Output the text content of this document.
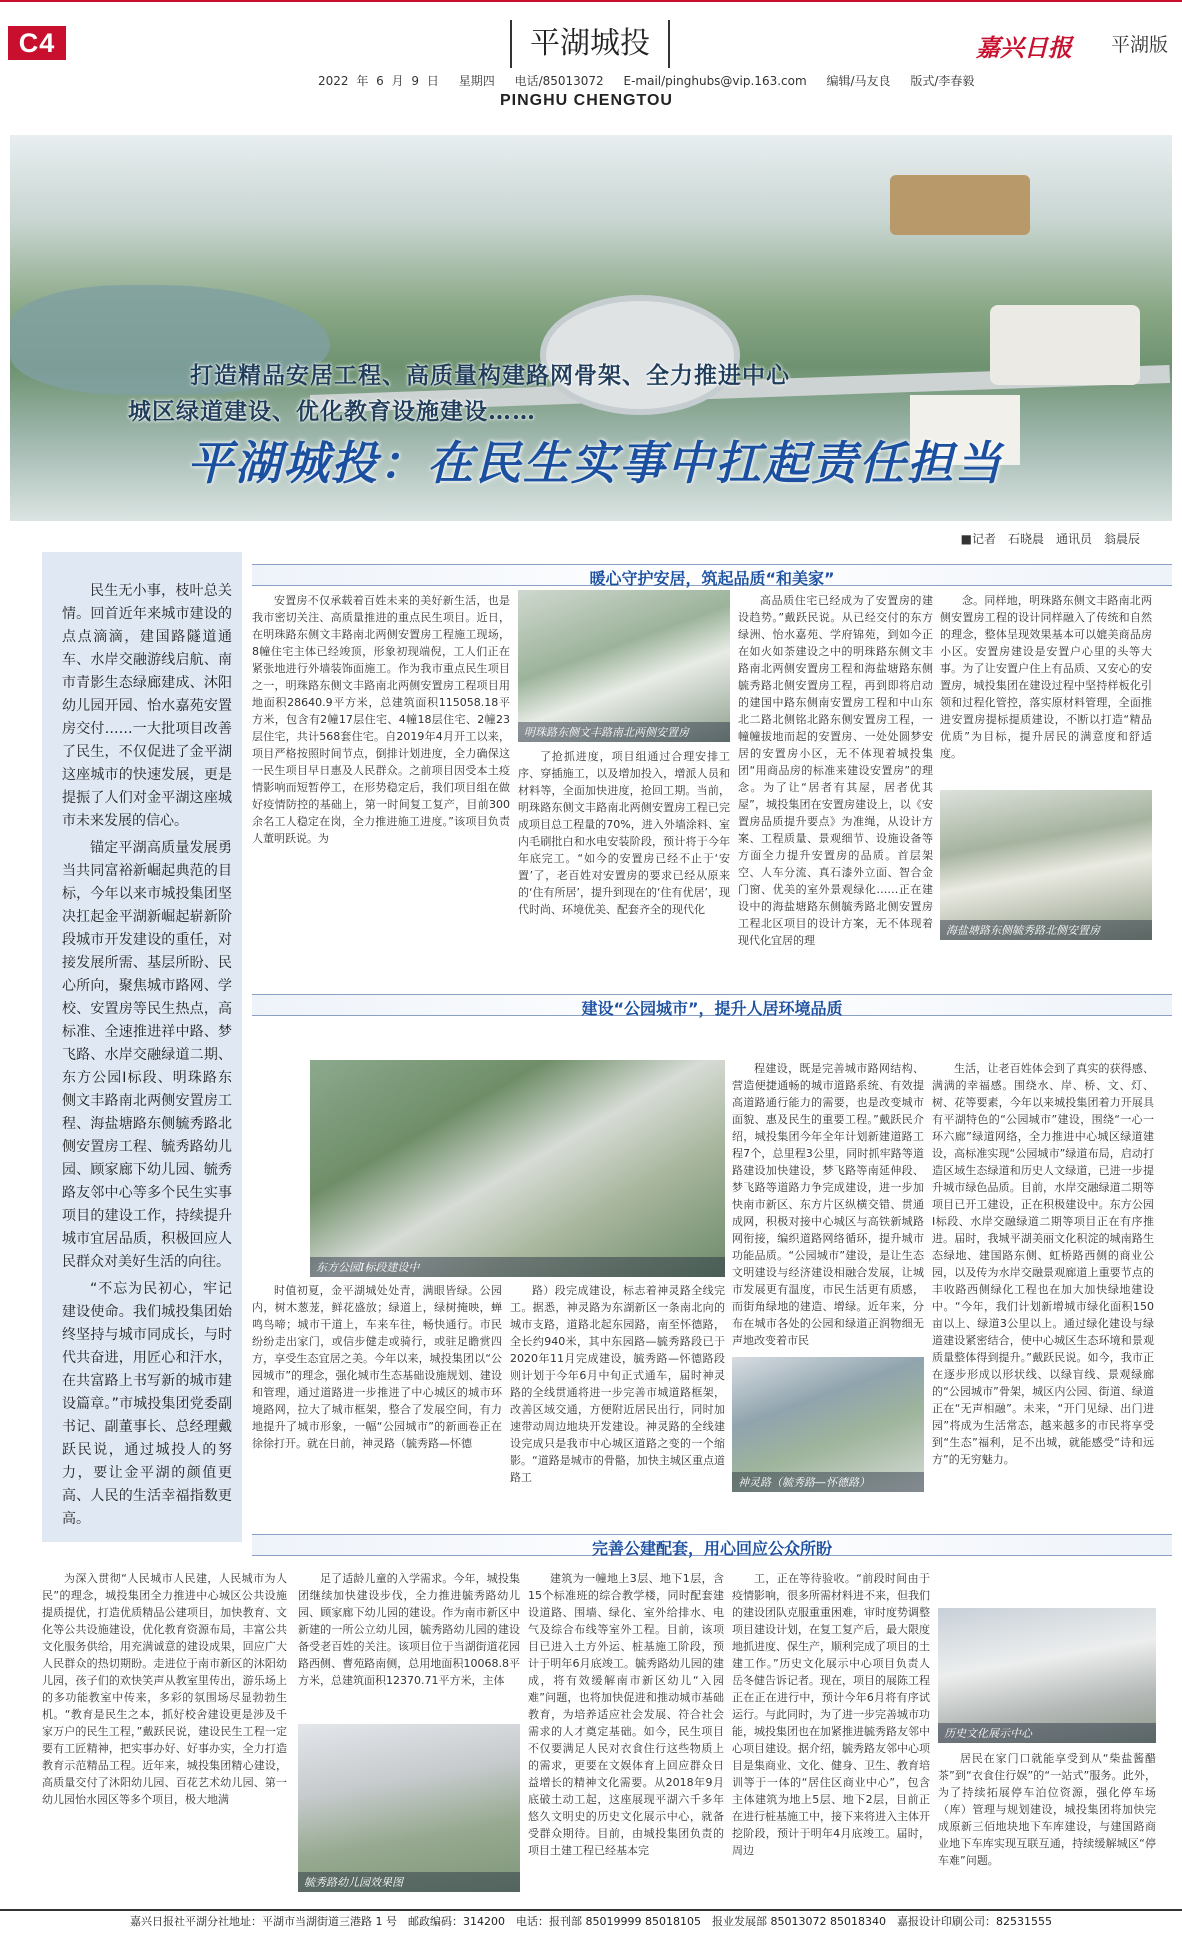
C4	平湖城投	嘉兴日报 平湖版
2022 年 6 月 9 日 星期四 电话/85013072 E-mail/pinghubs@vip.163.com 编辑/马友良 版式/李春毅
PINGHU CHENGTOU
打造精品安居工程、高质量构建路网骨架、全力推进中心
城区绿道建设、优化教育设施建设……
平湖城投：在民生实事中扛起责任担当
■记者　石晓晨　通讯员　翁晨辰

民生无小事，枝叶总关情。回首近年来城市建设的点点滴滴，建国路隧道通车、水岸交融游线启航、南市青影生态绿廊建成、沐阳幼儿园开园、怡水嘉苑安置房交付……一大批项目改善了民生，不仅促进了金平湖这座城市的快速发展，更是提振了人们对金平湖这座城市未来发展的信心。

锚定平湖高质量发展勇当共同富裕新崛起典范的目标，今年以来市城投集团坚决扛起金平湖新崛起崭新阶段城市开发建设的重任，对接发展所需、基层所盼、民心所向，聚焦城市路网、学校、安置房等民生热点，高标准、全速推进祥中路、梦飞路、水岸交融绿道二期、东方公园Ⅰ标段、明珠路东侧文丰路南北两侧安置房工程、海盐塘路东侧毓秀路北侧安置房工程、毓秀路幼儿园、顾家廊下幼儿园、毓秀路友邻中心等多个民生实事项目的建设工作，持续提升城市宜居品质，积极回应人民群众对美好生活的向往。

“不忘为民初心，牢记建设使命。我们城投集团始终坚持与城市同成长，与时代共奋进，用匠心和汗水，在共富路上书写新的城市建设篇章。”市城投集团党委副书记、副董事长、总经理戴跃民说，通过城投人的努力，要让金平湖的颜值更高、人民的生活幸福指数更高。

暖心守护安居，筑起品质“和美家”

安置房不仅承载着百姓未来的美好新生活，也是我市密切关注、高质量推进的重点民生项目。近日，在明珠路东侧文丰路南北两侧安置房工程施工现场，8幢住宅主体已经竣顶，形象初现端倪，工人们正在紧张地进行外墙装饰面施工。作为我市重点民生项目之一，明珠路东侧文丰路南北两侧安置房工程项目用地面积28640.9平方米，总建筑面积115058.18平方米，包含有2幢17层住宅、4幢18层住宅、2幢23层住宅，共计568套住宅。自2019年4月开工以来，项目严格按照时间节点，倒排计划进度，全力确保这一民生项目早日惠及人民群众。之前项目因受本土疫情影响而短暂停工，在形势稳定后，我们项目组在做好疫情防控的基础上，第一时间复工复产，目前300余名工人稳定在岗，全力推进施工进度。”该项目负责人董明跃说。为

明珠路东侧文丰路南北两侧安置房

了抢抓进度，项目组通过合理安排工序、穿插施工，以及增加投入，增派人员和材料等，全面加快进度，抢回工期。当前，明珠路东侧文丰路南北两侧安置房工程已完成项目总工程量的70%，进入外墙涂料、室内毛刷批白和水电安装阶段，预计将于今年年底完工。“如今的安置房已经不止于‘安置’了，老百姓对安置房的要求已经从原来的‘住有所居’，提升到现在的‘住有优居’，现代时尚、环境优美、配套齐全的现代化

高品质住宅已经成为了安置房的建设趋势。”戴跃民说。从已经交付的东方绿洲、怡水嘉苑、学府锦苑，到如今正在如火如荼建设之中的明珠路东侧文丰路南北两侧安置房工程和海盐塘路东侧毓秀路北侧安置房工程，再到即将启动的建国中路东侧南安置房工程和中山东北二路北侧铭北路东侧安置房工程，一幢幢拔地而起的安置房、一处处圆梦安居的安置房小区，无不体现着城投集团“用商品房的标准来建设安置房”的理念。为了让“居者有其屋，居者优其屋”，城投集团在安置房建设上，以《安置房品质提升要点》为准绳，从设计方案、工程质量、景观细节、设施设备等方面全力提升安置房的品质。首层架空、人车分流、真石漆外立面、智合金门窗、优美的室外景观绿化……正在建设中的海盐塘路东侧毓秀路北侧安置房工程北区项目的设计方案，无不体现着现代化宜居的理

念。同样地，明珠路东侧文丰路南北两侧安置房工程的设计同样融入了传统和自然的理念，整体呈现效果基本可以媲美商品房小区。安置房建设是安置户心里的头等大事。为了让安置户住上有品质、又安心的安置房，城投集团在建设过程中坚持样板化引领和过程化管控，落实原材料管理，全面推进安置房提标提质建设，不断以打造“精品优质”为目标，提升居民的满意度和舒适度。

海盐塘路东侧毓秀路北侧安置房
建设“公园城市”，提升人居环境品质
东方公园Ⅰ标段建设中

时值初夏，金平湖城处处青，满眼皆绿。公园内，树木葱茏，鲜花盛放；绿道上，绿树掩映，蝉鸣鸟啼；城市干道上，车来车往，畅快通行。市民纷纷走出家门，或信步健走或骑行，或驻足瞻赏四方，享受生态宜居之美。今年以来，城投集团以“公园城市”的理念，强化城市生态基础设施规划、建设和管理，通过道路进一步推进了中心城区的城市环境路网，拉大了城市框架，整合了发展空间，有力地提升了城市形象，一幅“公园城市”的新画卷正在徐徐打开。就在日前，神灵路（毓秀路—怀德

路）段完成建设，标志着神灵路全线完工。据悉，神灵路为东湖新区一条南北向的城市支路，道路北起东园路，南至怀德路，全长约940米，其中东园路—毓秀路段已于2020年11月完成建设，毓秀路—怀德路段则计划于今年6月中旬正式通车，届时神灵路的全线贯通将进一步完善市城道路框架，改善区域交通，方便附近居民出行，同时加速带动周边地块开发建设。神灵路的全线建设完成只是我市中心城区道路之变的一个缩影。“道路是城市的骨骼，加快主城区重点道路工

程建设，既是完善城市路网结构、营造便捷通畅的城市道路系统、有效提高道路通行能力的需要，也是改变城市面貌、惠及民生的重要工程。”戴跃民介绍，城投集团今年全年计划新建道路工程7个，总里程3公里，同时抓牢路等道路建设加快建设，梦飞路等南延伸段、梦飞路等道路力争完成建设，进一步加快南市新区、东方片区纵横交错、贯通成网，积极对接中心城区与高铁新城路网衔接，编织道路网络循环，提升城市功能品质。“公园城市”建设，是让生态文明建设与经济建设相融合发展，让城市发展更有温度，市民生活更有质感，而街角绿地的建造、增绿。近年来，分布在城市各处的公园和绿道正润物细无声地改变着市民

神灵路（毓秀路—怀德路）

生活，让老百姓体会到了真实的获得感、满满的幸福感。围绕水、岸、桥、文、灯、树、花等要素，今年以来城投集团着力开展具有平湖特色的“公园城市”建设，围绕“一心一环六廊”绿道网络，全力推进中心城区绿道建设，高标准实现“公园城市”绿道布局，启动打造区域生态绿道和历史人文绿道，已进一步提升城市绿色品质。目前，水岸交融绿道二期等项目已开工建设，正在积极建设中。东方公园Ⅰ标段、水岸交融绿道二期等项目正在有序推进。届时，我城平湖美丽文化积淀的城南路生态绿地、建国路东侧、虹桥路西侧的商业公园，以及传为水岸交融景观廊道上重要节点的丰收路西侧绿化工程也在加大加快绿地建设中。“今年，我们计划新增城市绿化面积150亩以上、绿道3公里以上。通过绿化建设与绿道建设紧密结合，使中心城区生态环境和景观质量整体得到提升。”戴跃民说。如今，我市正在逐步形成以形状线、以绿盲线、景观绿廊的“公园城市”骨架，城区内公园、街道、绿道正在“无声相融”。未来，“开门见绿、出门进园”将成为生活常态，越来越多的市民将享受到“生态”福利，足不出城，就能感受“诗和远方”的无穷魅力。

完善公建配套，用心回应公众所盼

为深入贯彻“人民城市人民建，人民城市为人民”的理念，城投集团全力推进中心城区公共设施提质提优，打造优质精品公建项目，加快教育、文化等公共设施建设，优化教育资源布局，丰富公共文化服务供给，用充满诚意的建设成果，回应广大人民群众的热切期盼。走进位于南市新区的沐阳幼儿园，孩子们的欢快笑声从教室里传出，游乐场上的多功能教室中传来，多彩的氛围场尽显勃勃生机。“教育是民生之本，抓好校舍建设更是涉及千家万户的民生工程，”戴跃民说，建设民生工程一定要有工匠精神，把实事办好、好事办实，全力打造教育示范精品工程。近年来，城投集团精心建设，高质量交付了沐阳幼儿园、百花艺术幼儿园、第一幼儿园怡水园区等多个项目，极大地满

足了适龄儿童的入学需求。今年，城投集团继续加快建设步伐，全力推进毓秀路幼儿园、顾家廊下幼儿园的建设。作为南市新区中新建的一所公立幼儿园，毓秀路幼儿园的建设备受老百姓的关注。该项目位于当湖街道花园路西侧、曹苑路南侧，总用地面积10068.8平方米，总建筑面积12370.71平方米，主体

毓秀路幼儿园效果图

建筑为一幢地上3层、地下1层，含15个标准班的综合教学楼，同时配套建设道路、围墙、绿化、室外给排水、电气及综合布线等室外工程。目前，该项目已进入土方外运、桩基施工阶段，预计于明年6月底竣工。毓秀路幼儿园的建成，将有效缓解南市新区幼儿“入园难”问题，也将加快促进和推动城市基础教育，为培养适应社会发展、符合社会需求的人才奠定基础。如今，民生项目不仅要满足人民对衣食住行这些物质上的需求，更要在文娱体育上回应群众日益增长的精神文化需要。从2018年9月底破土动工起，这座展现平湖六千多年悠久文明史的历史文化展示中心，就备受群众期待。目前，由城投集团负责的项目土建工程已经基本完

工，正在等待验收。“前段时间由于疫情影响，很多所需材料进不来，但我们的建设团队克服重重困难，审时度势调整项目建设计划，在复工复产后，最大限度地抓进度、保生产，顺利完成了项目的土建工作。”历史文化展示中心项目负责人岳冬健告诉记者。现在，项目的展陈工程正在正在进行中，预计今年6月将有序试运行。与此同时，为了进一步完善城市功能，城投集团也在加紧推进毓秀路友邻中心项目建设。据介绍，毓秀路友邻中心项目是集商业、文化、健身、卫生、教育培训等于一体的“居住区商业中心”，包含主体建筑为地上5层、地下2层，目前正在进行桩基施工中，接下来将进入主体开挖阶段，预计于明年4月底竣工。届时，周边

历史文化展示中心

居民在家门口就能享受到从“柴盐酱醋茶”到“衣食住行娱”的“一站式”服务。此外，为了持续拓展停车泊位资源，强化停车场（库）管理与规划建设，城投集团将加快完成原新三佰地块地下车库建设，与建国路商业地下车库实现互联互通，持续缓解城区“停车难”问题。

嘉兴日报社平湖分社地址：平湖市当湖街道三港路 1 号　邮政编码：314200　电话：报刊部 85019999 85018105　报业发展部 85013072 85018340　嘉报设计印刷公司：82531555
